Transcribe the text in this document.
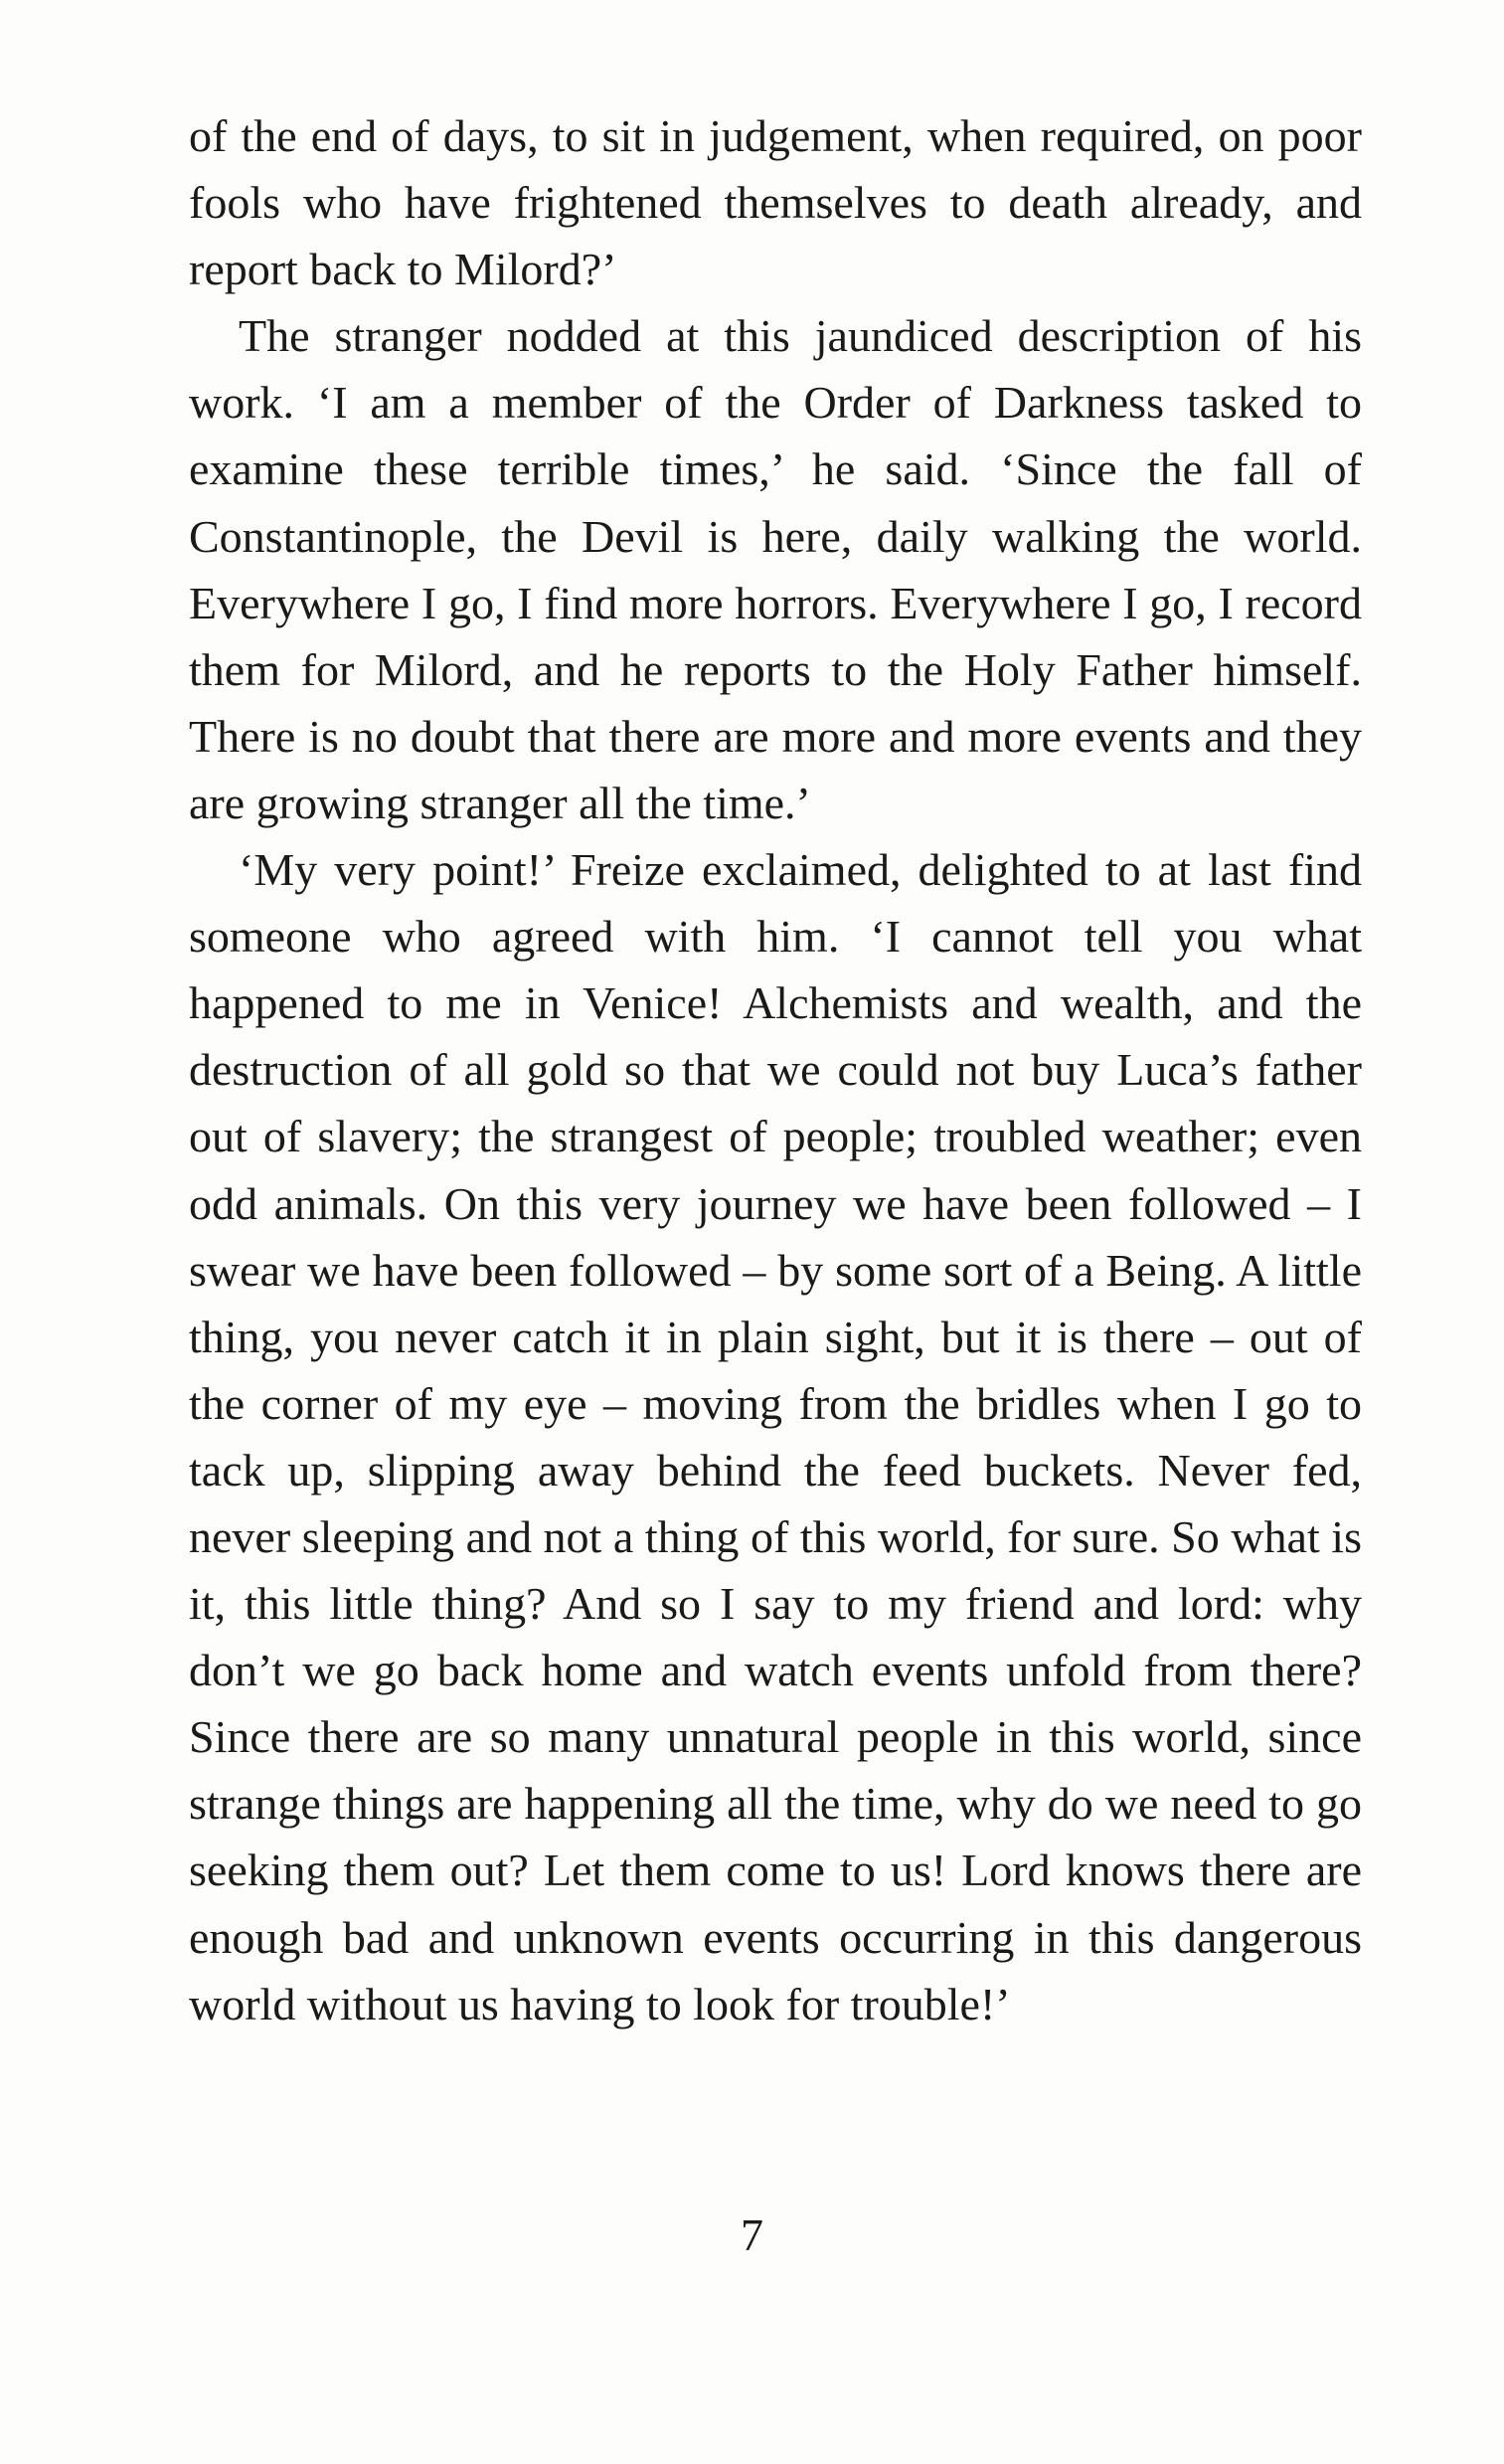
of the end of days, to sit in judgement, when required, on poor fools who have frightened themselves to death already, and report back to Milord?’

The stranger nodded at this jaundiced description of his work. ‘I am a member of the Order of Darkness tasked to examine these terrible times,’ he said. ‘Since the fall of Constantinople, the Devil is here, daily walking the world. Everywhere I go, I find more horrors. Everywhere I go, I record them for Milord, and he reports to the Holy Father himself. There is no doubt that there are more and more events and they are growing stranger all the time.’

‘My very point!’ Freize exclaimed, delighted to at last find someone who agreed with him. ‘I cannot tell you what happened to me in Venice! Alchemists and wealth, and the destruction of all gold so that we could not buy Luca’s father out of slavery; the strangest of people; troubled weather; even odd animals. On this very journey we have been followed – I swear we have been followed – by some sort of a Being. A little thing, you never catch it in plain sight, but it is there – out of the corner of my eye – moving from the bridles when I go to tack up, slipping away behind the feed buckets. Never fed, never sleeping and not a thing of this world, for sure. So what is it, this little thing? And so I say to my friend and lord: why don’t we go back home and watch events unfold from there? Since there are so many unnatural people in this world, since strange things are happening all the time, why do we need to go seeking them out? Let them come to us! Lord knows there are enough bad and unknown events occurring in this dangerous world without us having to look for trouble!’

7
